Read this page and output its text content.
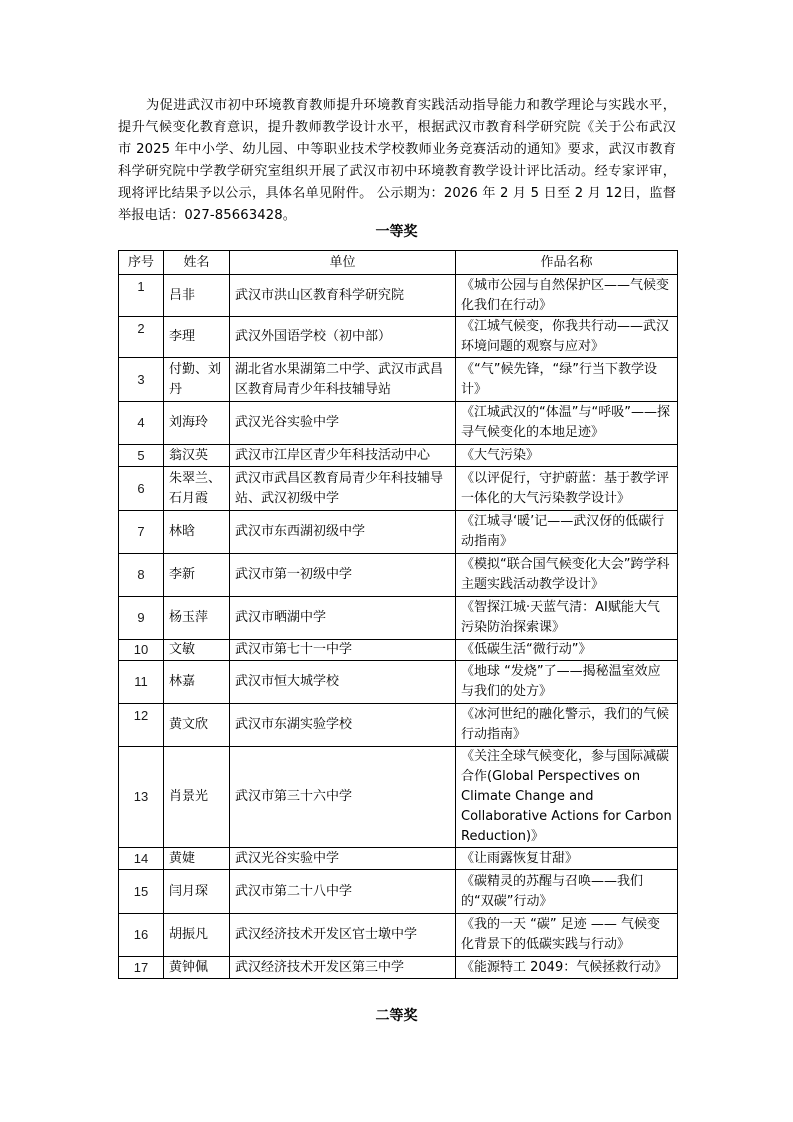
为促进武汉市初中环境教育教师提升环境教育实践活动指导能力和教学理论与实践水平，提升气候变化教育意识，提升教师教学设计水平，根据武汉市教育科学研究院《关于公布武汉市 2025 年中小学、幼儿园、中等职业技术学校教师业务竞赛活动的通知》要求，武汉市教育科学研究院中学教学研究室组织开展了武汉市初中环境教育教学设计评比活动。经专家评审，现将评比结果予以公示，具体名单见附件。 公示期为：2026 年 2 月 5 日至 2 月 12日，监督举报电话：027-85663428。

一等奖
序号	姓名	单位	作品名称
1	吕非	武汉市洪山区教育科学研究院	《城市公园与自然保护区——气候变化我们在行动》
2	李理	武汉外国语学校（初中部）	《江城气候变，你我共行动——武汉环境问题的观察与应对》
3	付勤、刘丹	湖北省水果湖第二中学、武汉市武昌区教育局青少年科技辅导站	《“气”候先锋，“绿”行当下教学设计》
4	刘海玲	武汉光谷实验中学	《江城武汉的“体温”与“呼吸”——探寻气候变化的本地足迹》
5	翁汉英	武汉市江岸区青少年科技活动中心	《大气污染》
6	朱翠兰、石月霞	武汉市武昌区教育局青少年科技辅导站、武汉初级中学	《以评促行，守护蔚蓝：基于教学评一体化的大气污染教学设计》
7	林晗	武汉市东西湖初级中学	《江城寻‘暖’记——武汉伢的低碳行动指南》
8	李新	武汉市第一初级中学	《模拟“联合国气候变化大会”跨学科主题实践活动教学设计》
9	杨玉萍	武汉市晒湖中学	《智探江城·天蓝气清：AI赋能大气污染防治探索课》
10	文敏	武汉市第七十一中学	《低碳生活“微行动”》
11	林嘉	武汉市恒大城学校	《地球 “发烧”了——揭秘温室效应与我们的处方》
12	黄文欣	武汉市东湖实验学校	《冰河世纪的融化警示，我们的气候行动指南》
13	肖景光	武汉市第三十六中学	《关注全球气候变化，参与国际减碳合作(Global Perspectives on Climate Change and Collaborative Actions for Carbon Reduction)》
14	黄婕	武汉光谷实验中学	《让雨露恢复甘甜》
15	闫月琛	武汉市第二十八中学	《碳精灵的苏醒与召唤——我们的“双碳”行动》
16	胡振凡	武汉经济技术开发区官士墩中学	《我的一天 “碳” 足迹 —— 气候变化背景下的低碳实践与行动》
17	黄钟佩	武汉经济技术开发区第三中学	《能源特工 2049：气候拯救行动》
二等奖
